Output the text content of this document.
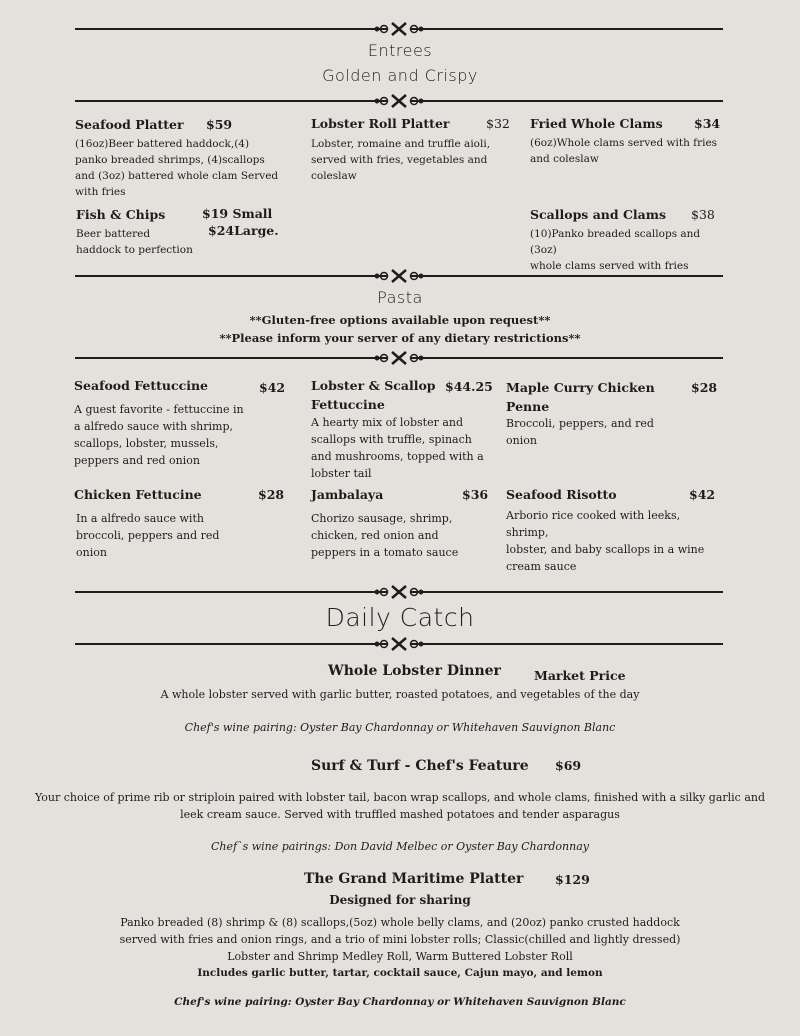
Entrees
Golden and Crispy
Seafood Platter $59
(16oz)Beer battered haddock,(4)
panko breaded shrimps, (4)scallops
and (3oz) battered whole clam Served
with fries
Lobster Roll Platter	$32
Lobster, romaine and truffle aioli,
served with fries, vegetables and
coleslaw
Fried Whole Clams	$34
(6oz)Whole clams served with fries
and coleslaw
Fish & Chips	$19 Small
$24Large.
Beer battered
haddock to perfection
Scallops and Clams $38
(10)Panko breaded scallops and (3oz)
whole clams served with fries
Pasta
**Gluten-free options available upon request**
**Please inform your server of any dietary restrictions**
Seafood Fettuccine	$42
A guest favorite - fettuccine in
a alfredo sauce with shrimp,
scallops, lobster, mussels,
peppers and red onion
Lobster & Scallop
Fettuccine
$44.25
A hearty mix of lobster and
scallops with truffle, spinach
and mushrooms, topped with a
lobster tail
Maple Curry Chicken
Penne
$28
Broccoli, peppers, and red
onion
Chicken Fettucine	$28
In a alfredo sauce with
broccoli, peppers and red
onion
Jambalaya	$36
Chorizo sausage, shrimp,
chicken, red onion and
peppers in a tomato sauce
Seafood Risotto	$42
Arborio rice cooked with leeks, shrimp,
lobster, and baby scallops in a wine
cream sauce
Daily Catch
Whole Lobster Dinner	Market Price
A whole lobster served with garlic butter, roasted potatoes, and vegetables of the day
Chef's wine pairing: Oyster Bay Chardonnay or Whitehaven Sauvignon Blanc
Surf & Turf - Chef's Feature $69
Your choice of prime rib or striploin paired with lobster tail, bacon wrap scallops, and whole clams, finished with a silky garlic and
leek cream sauce. Served with truffled mashed potatoes and tender asparagus
Chef`s wine pairings: Don David Melbec or Oyster Bay Chardonnay
The Grand Maritime Platter	$129
Designed for sharing
Panko breaded (8) shrimp & (8) scallops,(5oz) whole belly clams, and (20oz) panko crusted haddock
served with fries and onion rings, and a trio of mini lobster rolls; Classic(chilled and lightly dressed)
Lobster and Shrimp Medley Roll, Warm Buttered Lobster Roll
Includes garlic butter, tartar, cocktail sauce, Cajun mayo, and lemon
Chef's wine pairing: Oyster Bay Chardonnay or Whitehaven Sauvignon Blanc
